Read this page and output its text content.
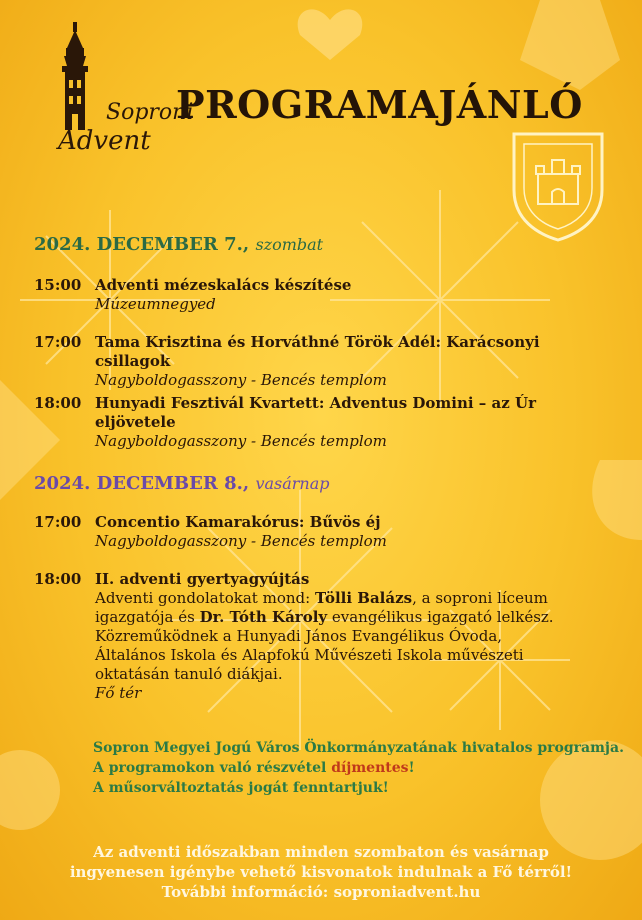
Soproni
Advent
PROGRAMAJÁNLÓ
2024. DECEMBER 7., szombat
15:00 Adventi mézeskalács készítése
Múzeumnegyed
17:00 Tama Krisztina és Horváthné Török Adél: Karácsonyi csillagok
Nagyboldogasszony - Bencés templom
18:00 Hunyadi Fesztivál Kvartett: Adventus Domini – az Úr eljövetele
Nagyboldogasszony - Bencés templom
2024. DECEMBER 8., vasárnap
17:00 Concentio Kamarakórus: Bűvös éj
Nagyboldogasszony - Bencés templom
18:00 II. adventi gyertyagyújtás
Adventi gondolatokat mond: Tölli Balázs, a soproni líceum igazgatója és Dr. Tóth Károly evangélikus igazgató lelkész. Közreműködnek a Hunyadi János Evangélikus Óvoda, Általános Iskola és Alapfokú Művészeti Iskola művészeti oktatásán tanuló diákjai.
Fő tér
Sopron Megyei Jogú Város Önkormányzatának hivatalos programja.
A programokon való részvétel díjmentes!
A műsorváltoztatás jogát fenntartjuk!
Az adventi időszakban minden szombaton és vasárnap
ingyenesen igénybe vehető kisvonatok indulnak a Fő térről!
További információ: soproniadvent.hu
